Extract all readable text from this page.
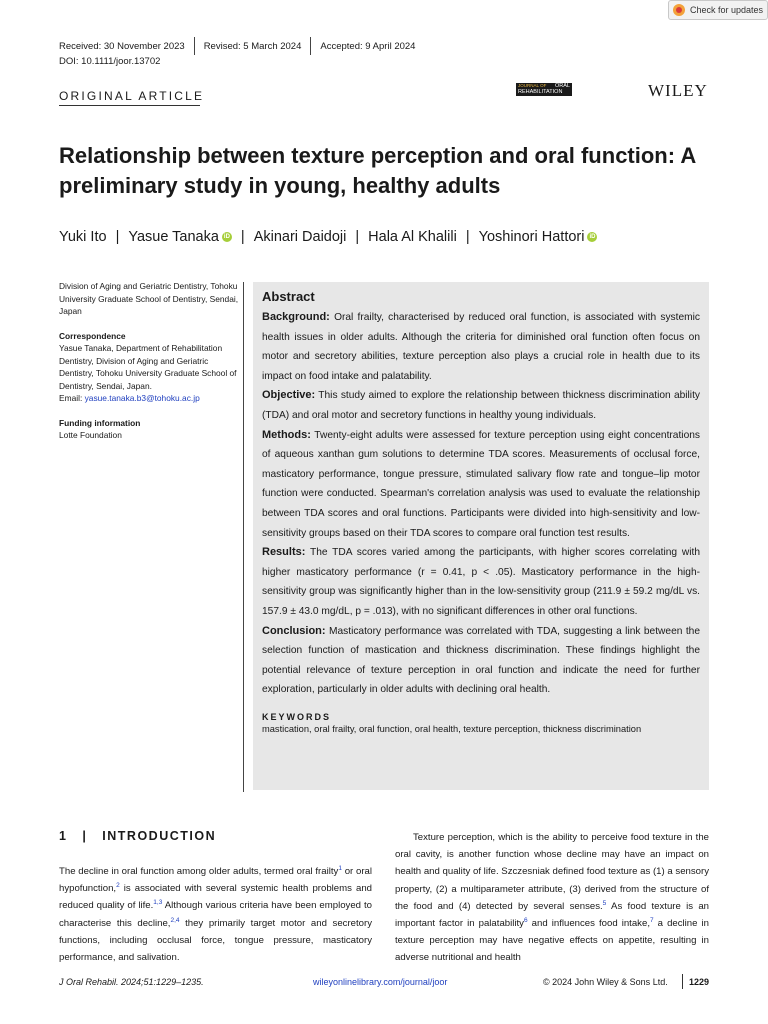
Check for updates
Received: 30 November 2023 Revised: 5 March 2024 Accepted: 9 April 2024
DOI: 10.1111/joor.13702
ORIGINAL ARTICLE
JOURNAL OF	ORAL
REHABILITATION	WILEY
Relationship between texture perception and oral function: A preliminary study in young, healthy adults
Yuki Ito | Yasue Tanaka iD | Akinari Daidoji | Hala Al Khalili | Yoshinori Hattori iD
Division of Aging and Geriatric Dentistry, Tohoku University Graduate School of Dentistry, Sendai, Japan
Correspondence
Yasue Tanaka, Department of Rehabilitation Dentistry, Division of Aging and Geriatric Dentistry, Tohoku University Graduate School of Dentistry, Sendai, Japan.
Email: yasue.tanaka.b3@tohoku.ac.jp
Funding information
Lotte Foundation
Abstract

Background: Oral frailty, characterised by reduced oral function, is associated with systemic health issues in older adults. Although the criteria for diminished oral function often focus on motor and secretory abilities, texture perception also plays a crucial role in health due to its impact on food intake and palatability.

Objective: This study aimed to explore the relationship between thickness discrimination ability (TDA) and oral motor and secretory functions in healthy young individuals.

Methods: Twenty-eight adults were assessed for texture perception using eight concentrations of aqueous xanthan gum solutions to determine TDA scores. Measurements of occlusal force, masticatory performance, tongue pressure, stimulated salivary flow rate and tongue–lip motor function were conducted. Spearman's correlation analysis was used to evaluate the relationship between TDA scores and oral functions. Participants were divided into high-sensitivity and low-sensitivity groups based on their TDA scores to compare oral function test results.

Results: The TDA scores varied among the participants, with higher scores correlating with higher masticatory performance (r = 0.41, p < .05). Masticatory performance in the high-sensitivity group was significantly higher than in the low-sensitivity group (211.9 ± 59.2 mg/dL vs. 157.9 ± 43.0 mg/dL, p = .013), with no significant differences in other oral functions.

Conclusion: Masticatory performance was correlated with TDA, suggesting a link between the selection function of mastication and thickness discrimination. These findings highlight the potential relevance of texture perception in oral function and indicate the need for further exploration, particularly in older adults with declining oral health.

KEYWORDS
mastication, oral frailty, oral function, oral health, texture perception, thickness discrimination
1   |   INTRODUCTION

The decline in oral function among older adults, termed oral frailty$^1$ or oral hypofunction,$^2$ is associated with several systemic health problems and reduced quality of life.$^{1,3}$ Although various criteria have been employed to characterise this decline,$^{2,4}$ they primarily target motor and secretory functions, including occlusal force, tongue pressure, masticatory performance, and salivation.

Texture perception, which is the ability to perceive food texture in the oral cavity, is another function whose decline may have an impact on health and quality of life. Szczesniak defined food texture as (1) a sensory property, (2) a multiparameter attribute, (3) derived from the structure of the food and (4) detected by several senses.$^5$ As food texture is an important factor in palatability$^6$ and influences food intake,$^7$ a decline in texture perception may have negative effects on appetite, resulting in adverse nutritional and health

J Oral Rehabil. 2024;51:1229–1235.	wileyonlinelibrary.com/journal/joor	© 2024 John Wiley & Sons Ltd. 1229
